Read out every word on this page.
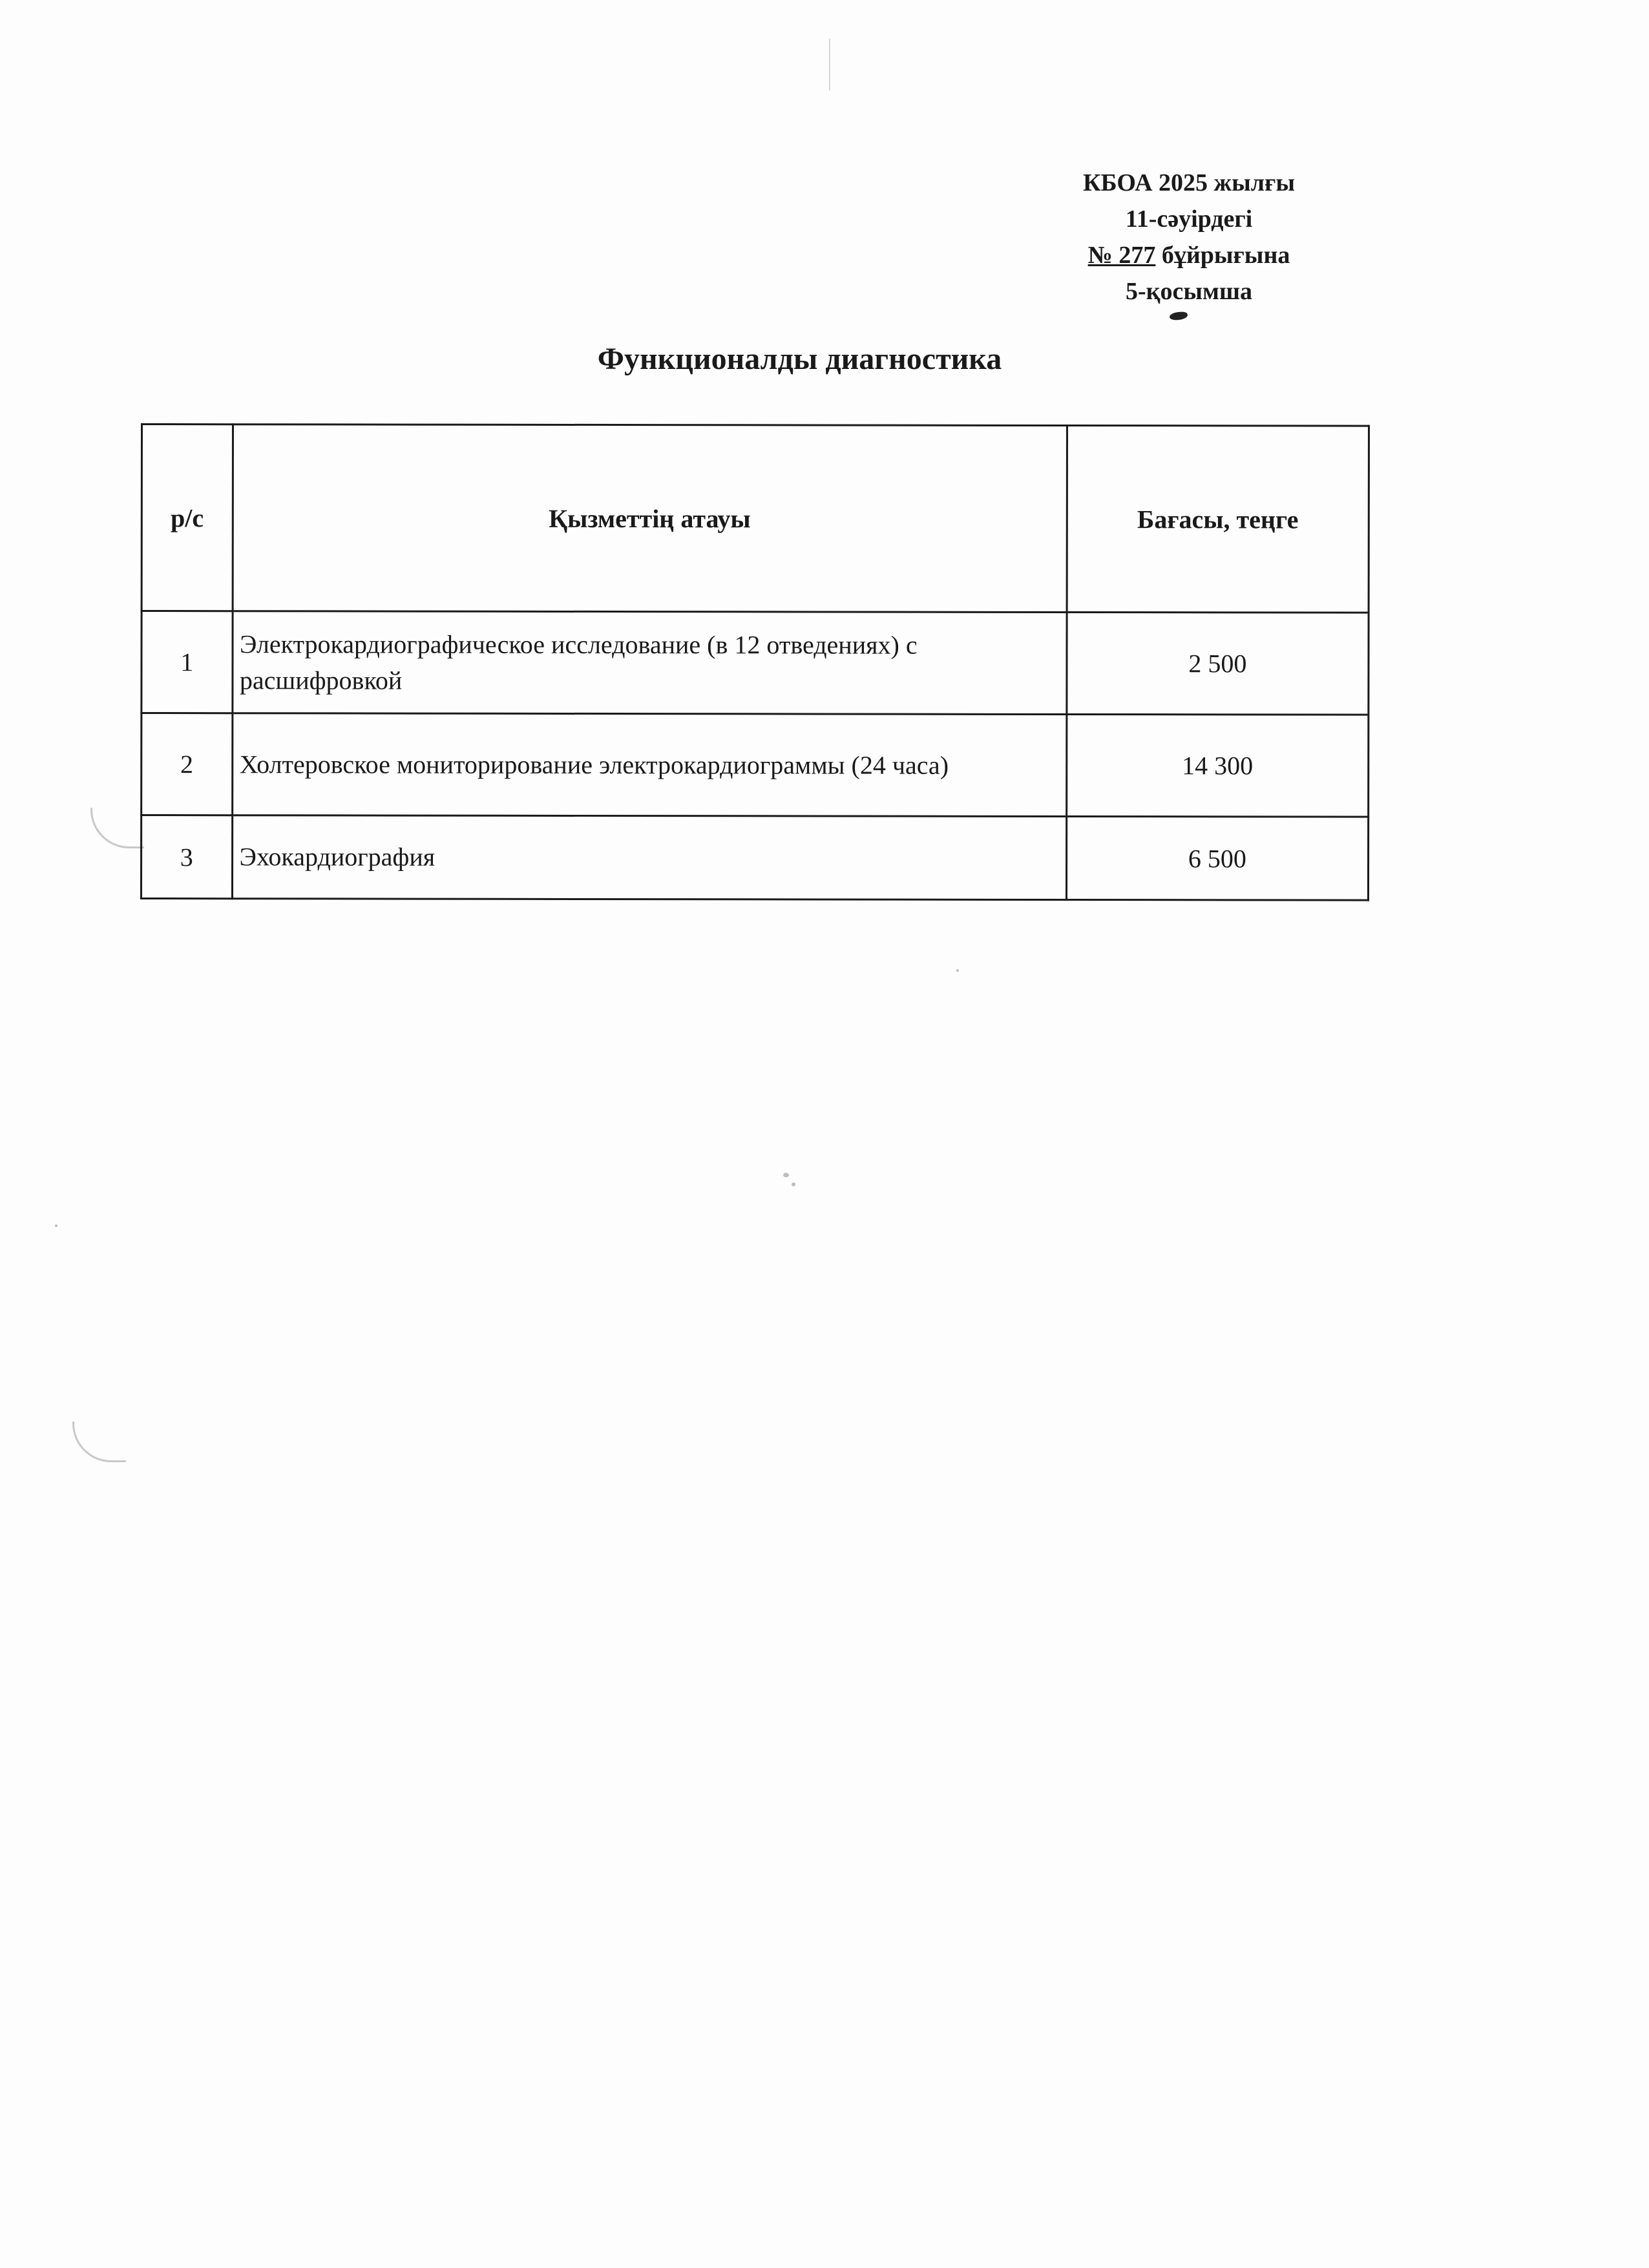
КБОА 2025 жылғы
11-сәуірдегі
№ 277 бұйрығына
5-қосымша
Функционалды диагностика
р/с	Қызметтің атауы	Бағасы, теңге
1	Электрокардиографическое исследование (в 12 отведениях) с расшифровкой	2 500
2	Холтеровское мониторирование электрокардиограммы (24 часа)	14 300
3	Эхокардиография	6 500
